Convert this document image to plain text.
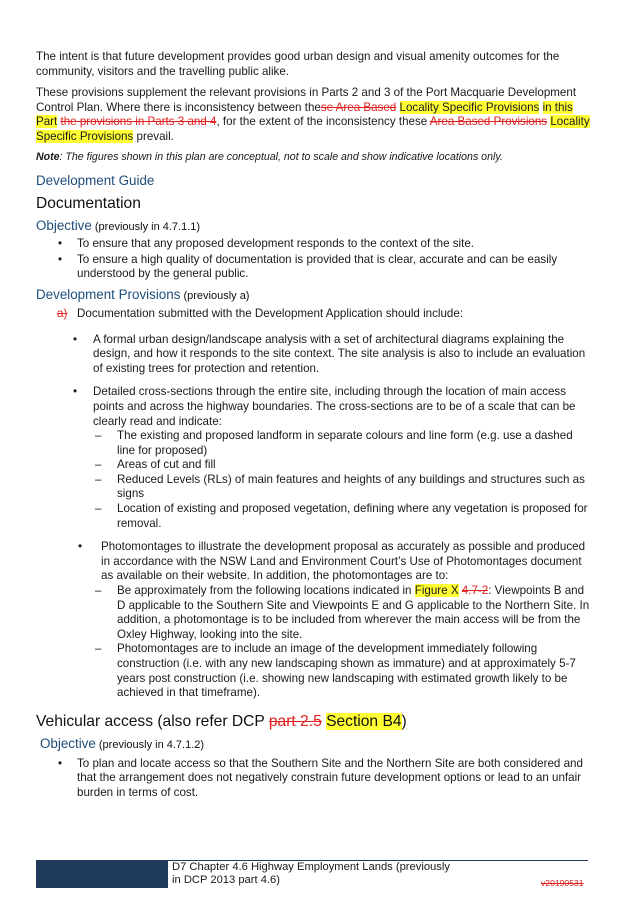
The intent is that future development provides good urban design and visual amenity outcomes for the community, visitors and the travelling public alike.

These provisions supplement the relevant provisions in Parts 2 and 3 of the Port Macquarie Development Control Plan. Where there is inconsistency between these Area Based Locality Specific Provisions in this Part the provisions in Parts 3 and 4, for the extent of the inconsistency these Area Based Provisions Locality Specific Provisions prevail.

Note: The figures shown in this plan are conceptual, not to scale and show indicative locations only.

Development Guide
Documentation
Objective (previously in 4.7.1.1)
• To ensure that any proposed development responds to the context of the site.
• To ensure a high quality of documentation is provided that is clear, accurate and can be easily understood by the general public.
Development Provisions (previously a)
a) Documentation submitted with the Development Application should include:
• A formal urban design/landscape analysis with a set of architectural diagrams explaining the design, and how it responds to the site context. The site analysis is also to include an evaluation of existing trees for protection and retention.
• Detailed cross-sections through the entire site, including through the location of main access points and across the highway boundaries. The cross-sections are to be of a scale that can be clearly read and indicate:
– The existing and proposed landform in separate colours and line form (e.g. use a dashed line for proposed)
– Areas of cut and fill
– Reduced Levels (RLs) of main features and heights of any buildings and structures such as signs
– Location of existing and proposed vegetation, defining where any vegetation is proposed for removal.
• Photomontages to illustrate the development proposal as accurately as possible and produced in accordance with the NSW Land and Environment Court’s Use of Photomontages document as available on their website. In addition, the photomontages are to:
– Be approximately from the following locations indicated in Figure X 4.7-2: Viewpoints B and D applicable to the Southern Site and Viewpoints E and G applicable to the Northern Site. In addition, a photomontage is to be included from wherever the main access will be from the Oxley Highway, looking into the site.
– Photomontages are to include an image of the development immediately following construction (i.e. with any new landscaping shown as immature) and at approximately 5-7 years post construction (i.e. showing new landscaping with estimated growth likely to be achieved in that timeframe).
Vehicular access (also refer DCP part 2.5 Section B4)
Objective (previously in 4.7.1.2)
• To plan and locate access so that the Southern Site and the Northern Site are both considered and that the arrangement does not negatively constrain future development options or lead to an unfair burden in terms of cost.
D7 Chapter 4.6 Highway Employment Lands (previously
in DCP 2013 part 4.6)	v20190531
